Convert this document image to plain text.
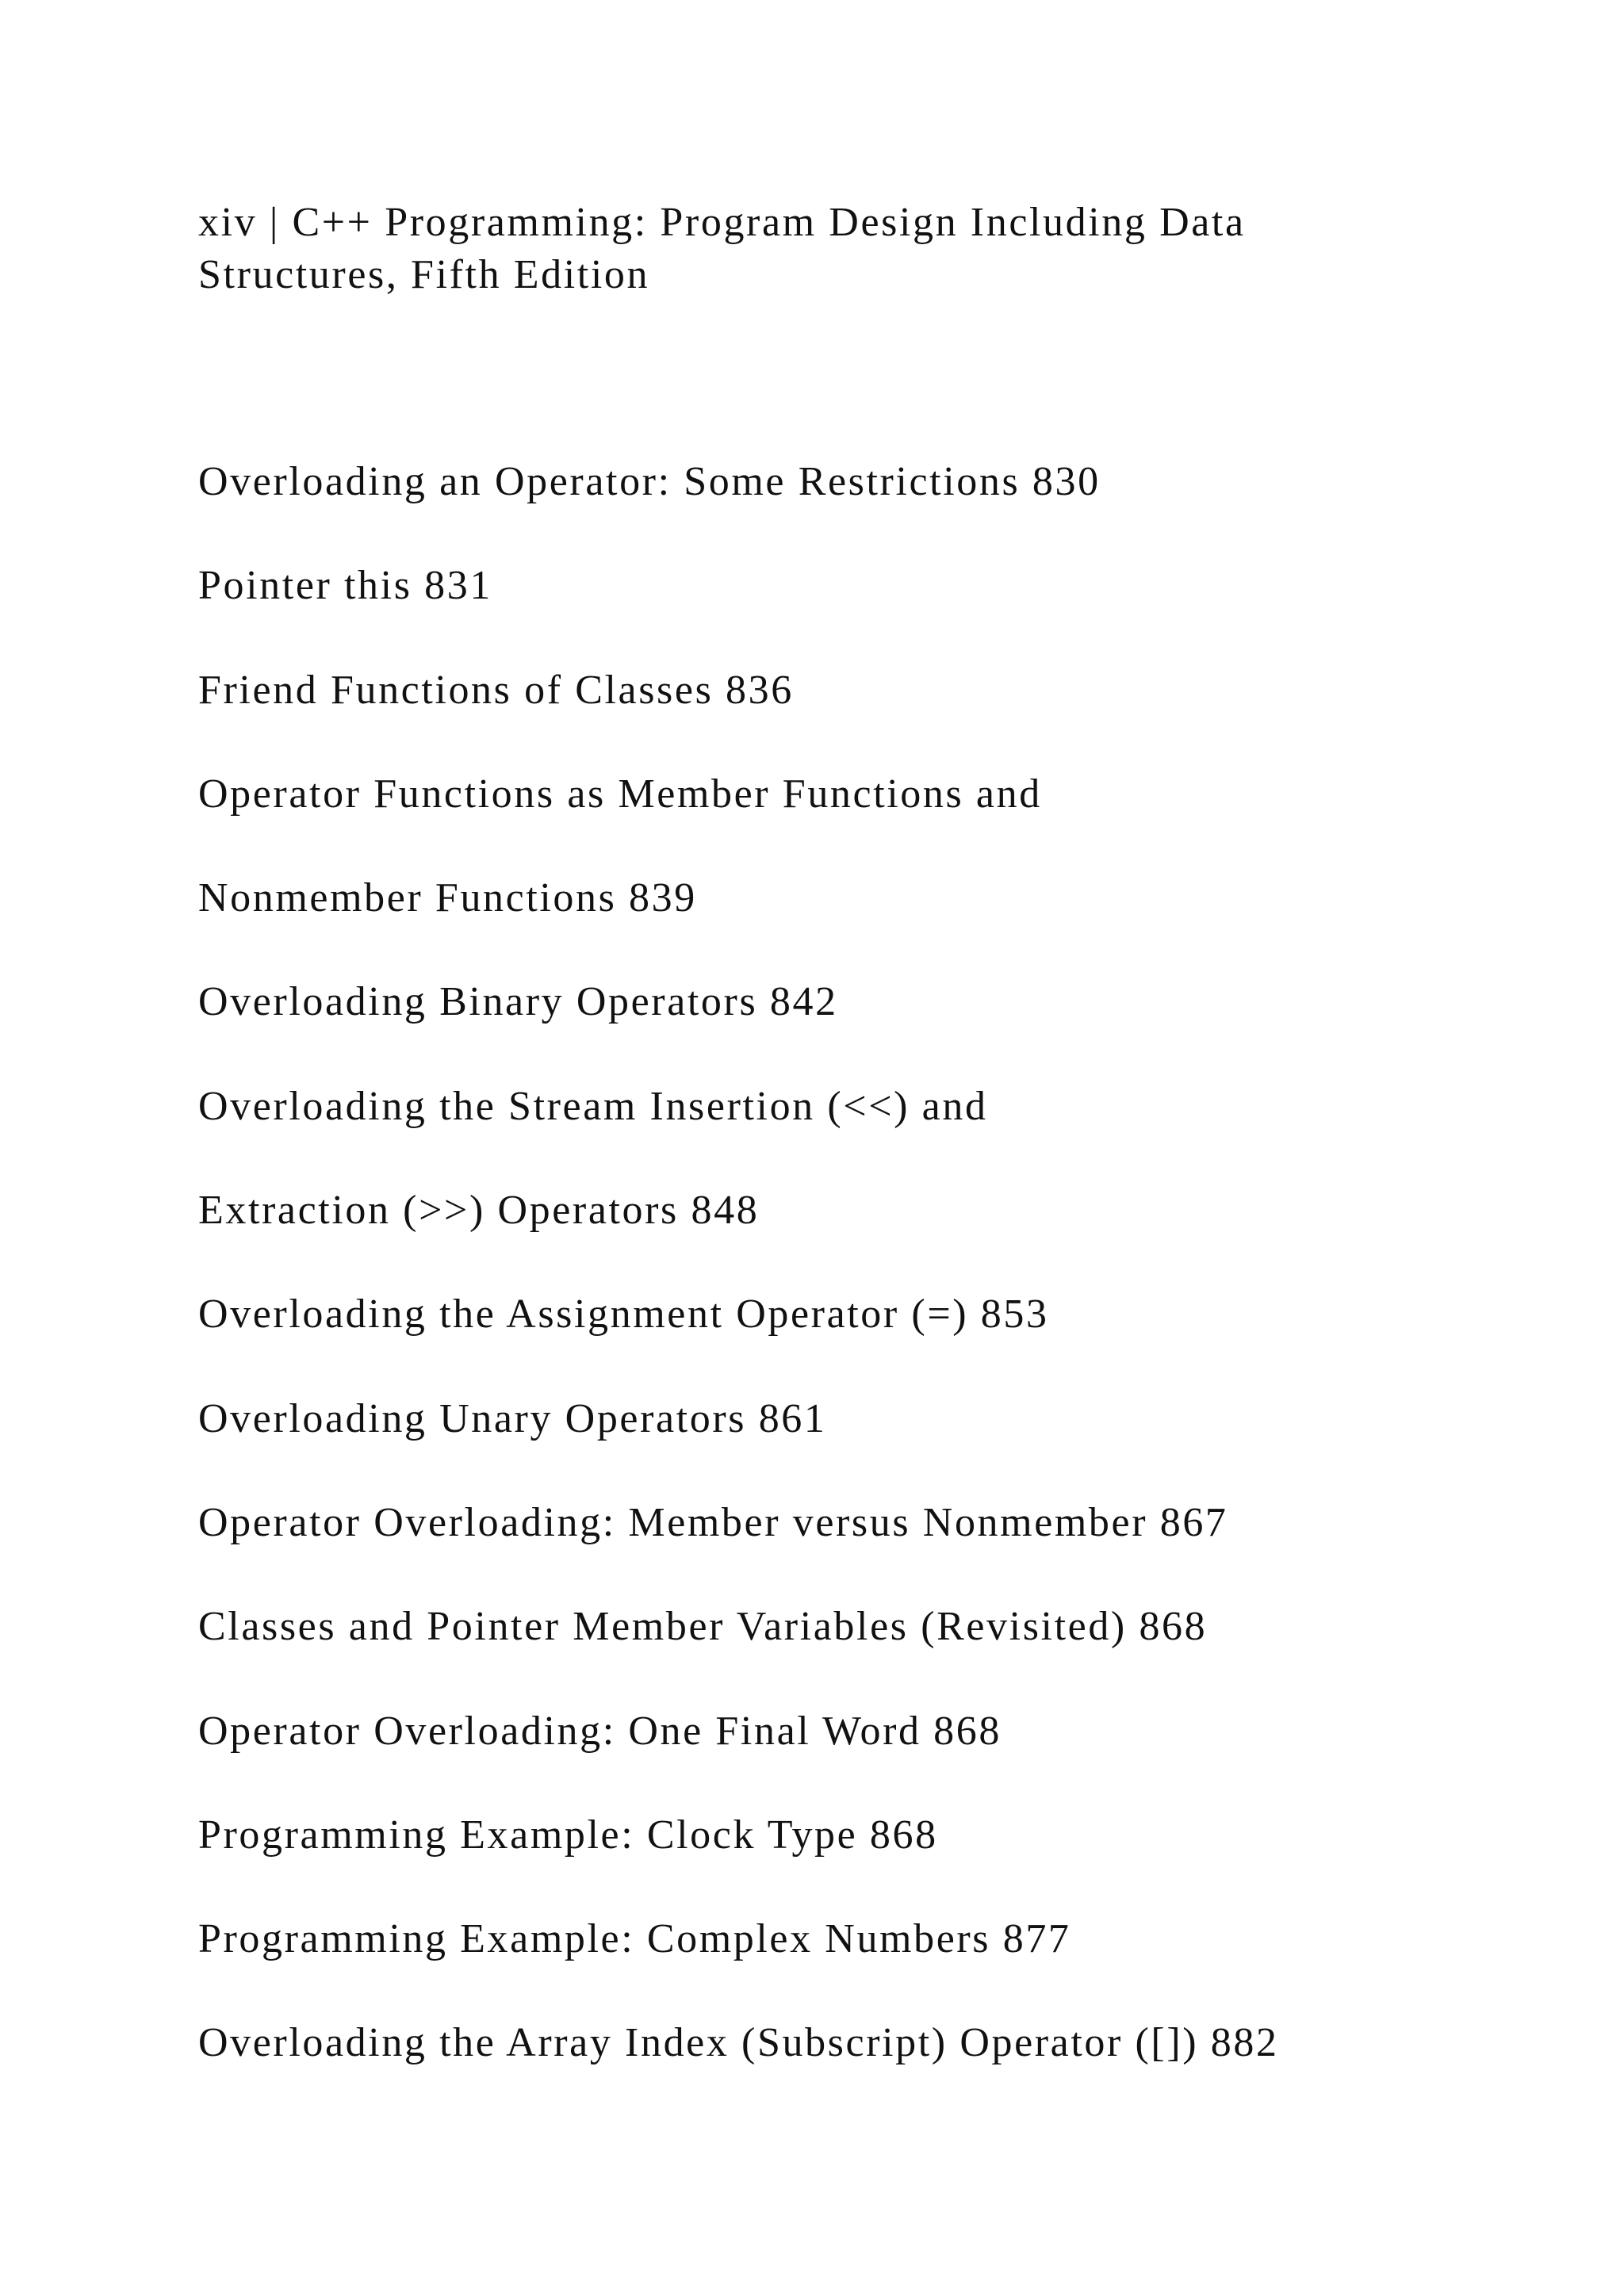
xiv | C++ Programming: Program Design Including Data
Structures, Fifth Edition
Overloading an Operator: Some Restrictions 830
Pointer this 831
Friend Functions of Classes 836
Operator Functions as Member Functions and
Nonmember Functions 839
Overloading Binary Operators 842
Overloading the Stream Insertion (<<) and
Extraction (>>) Operators 848
Overloading the Assignment Operator (=) 853
Overloading Unary Operators 861
Operator Overloading: Member versus Nonmember 867
Classes and Pointer Member Variables (Revisited) 868
Operator Overloading: One Final Word 868
Programming Example: Clock Type 868
Programming Example: Complex Numbers 877
Overloading the Array Index (Subscript) Operator ([]) 882
